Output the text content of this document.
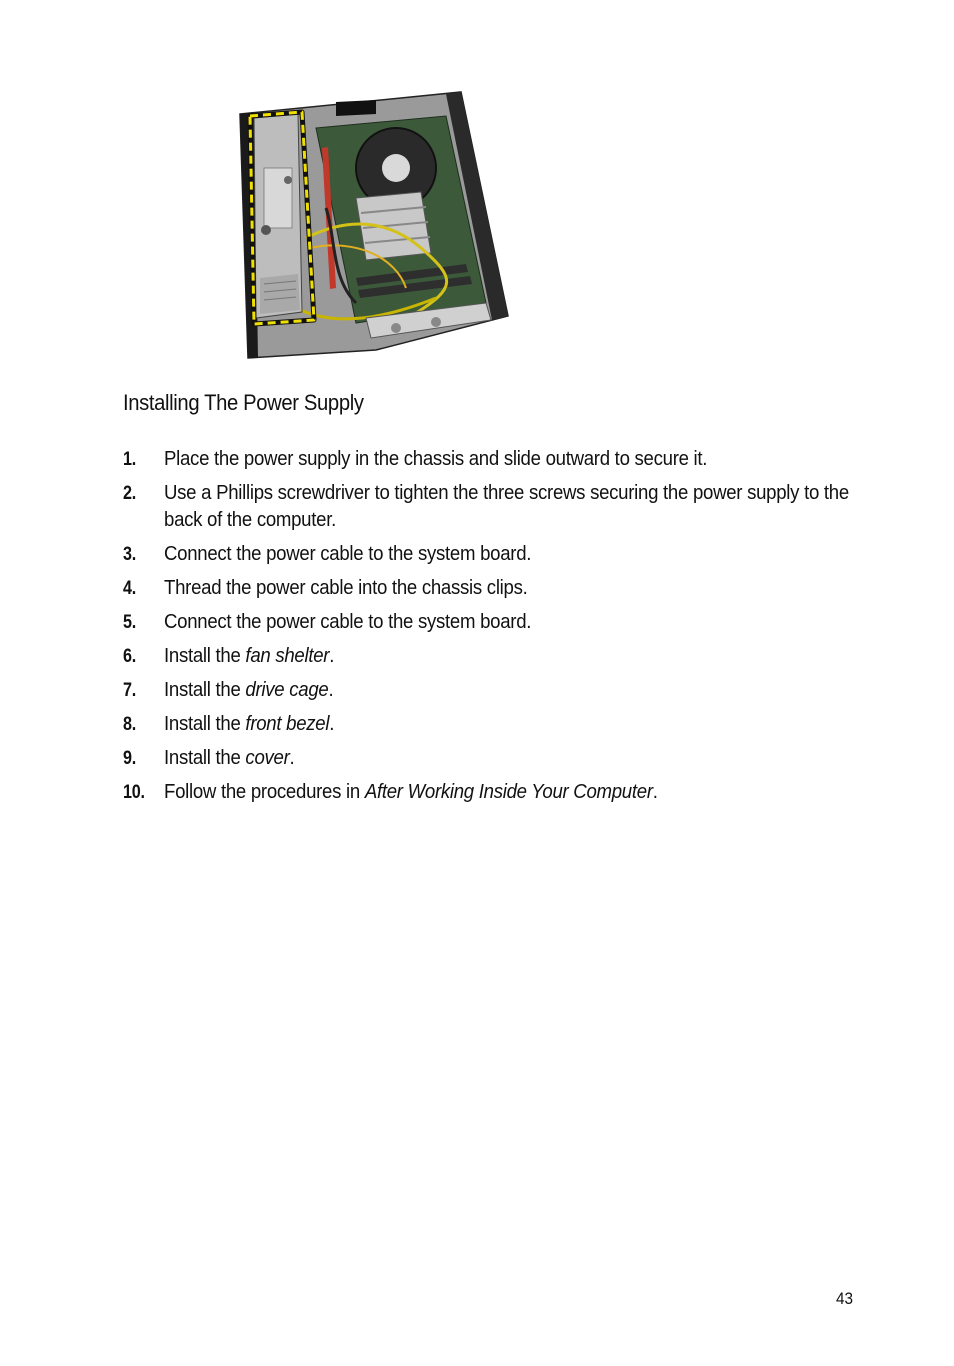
Installing The Power Supply
1. Place the power supply in the chassis and slide outward to secure it.
2. Use a Phillips screwdriver to tighten the three screws securing the power supply to the back of the computer.
3. Connect the power cable to the system board.
4. Thread the power cable into the chassis clips.
5. Connect the power cable to the system board.
6. Install the fan shelter.
7. Install the drive cage.
8. Install the front bezel.
9. Install the cover.
10. Follow the procedures in After Working Inside Your Computer.
43
